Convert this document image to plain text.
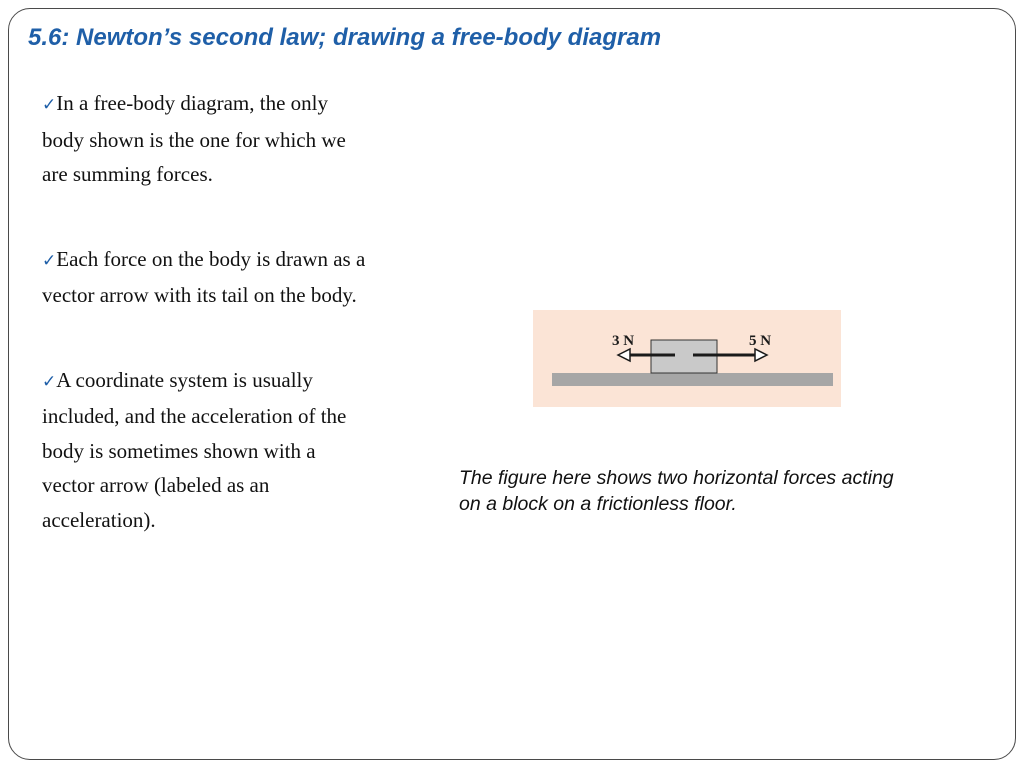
5.6: Newton’s second law; drawing a free-body diagram

✓In a free-body diagram, the only body shown is the one for which we are summing forces.

✓Each force on the body is drawn as a vector arrow with its tail on the body.

✓A coordinate system is usually included, and the acceleration of the body is sometimes shown with a vector arrow (labeled as an acceleration).

3 N	5 N

The figure here shows two horizontal forces acting on a block on a frictionless floor.
